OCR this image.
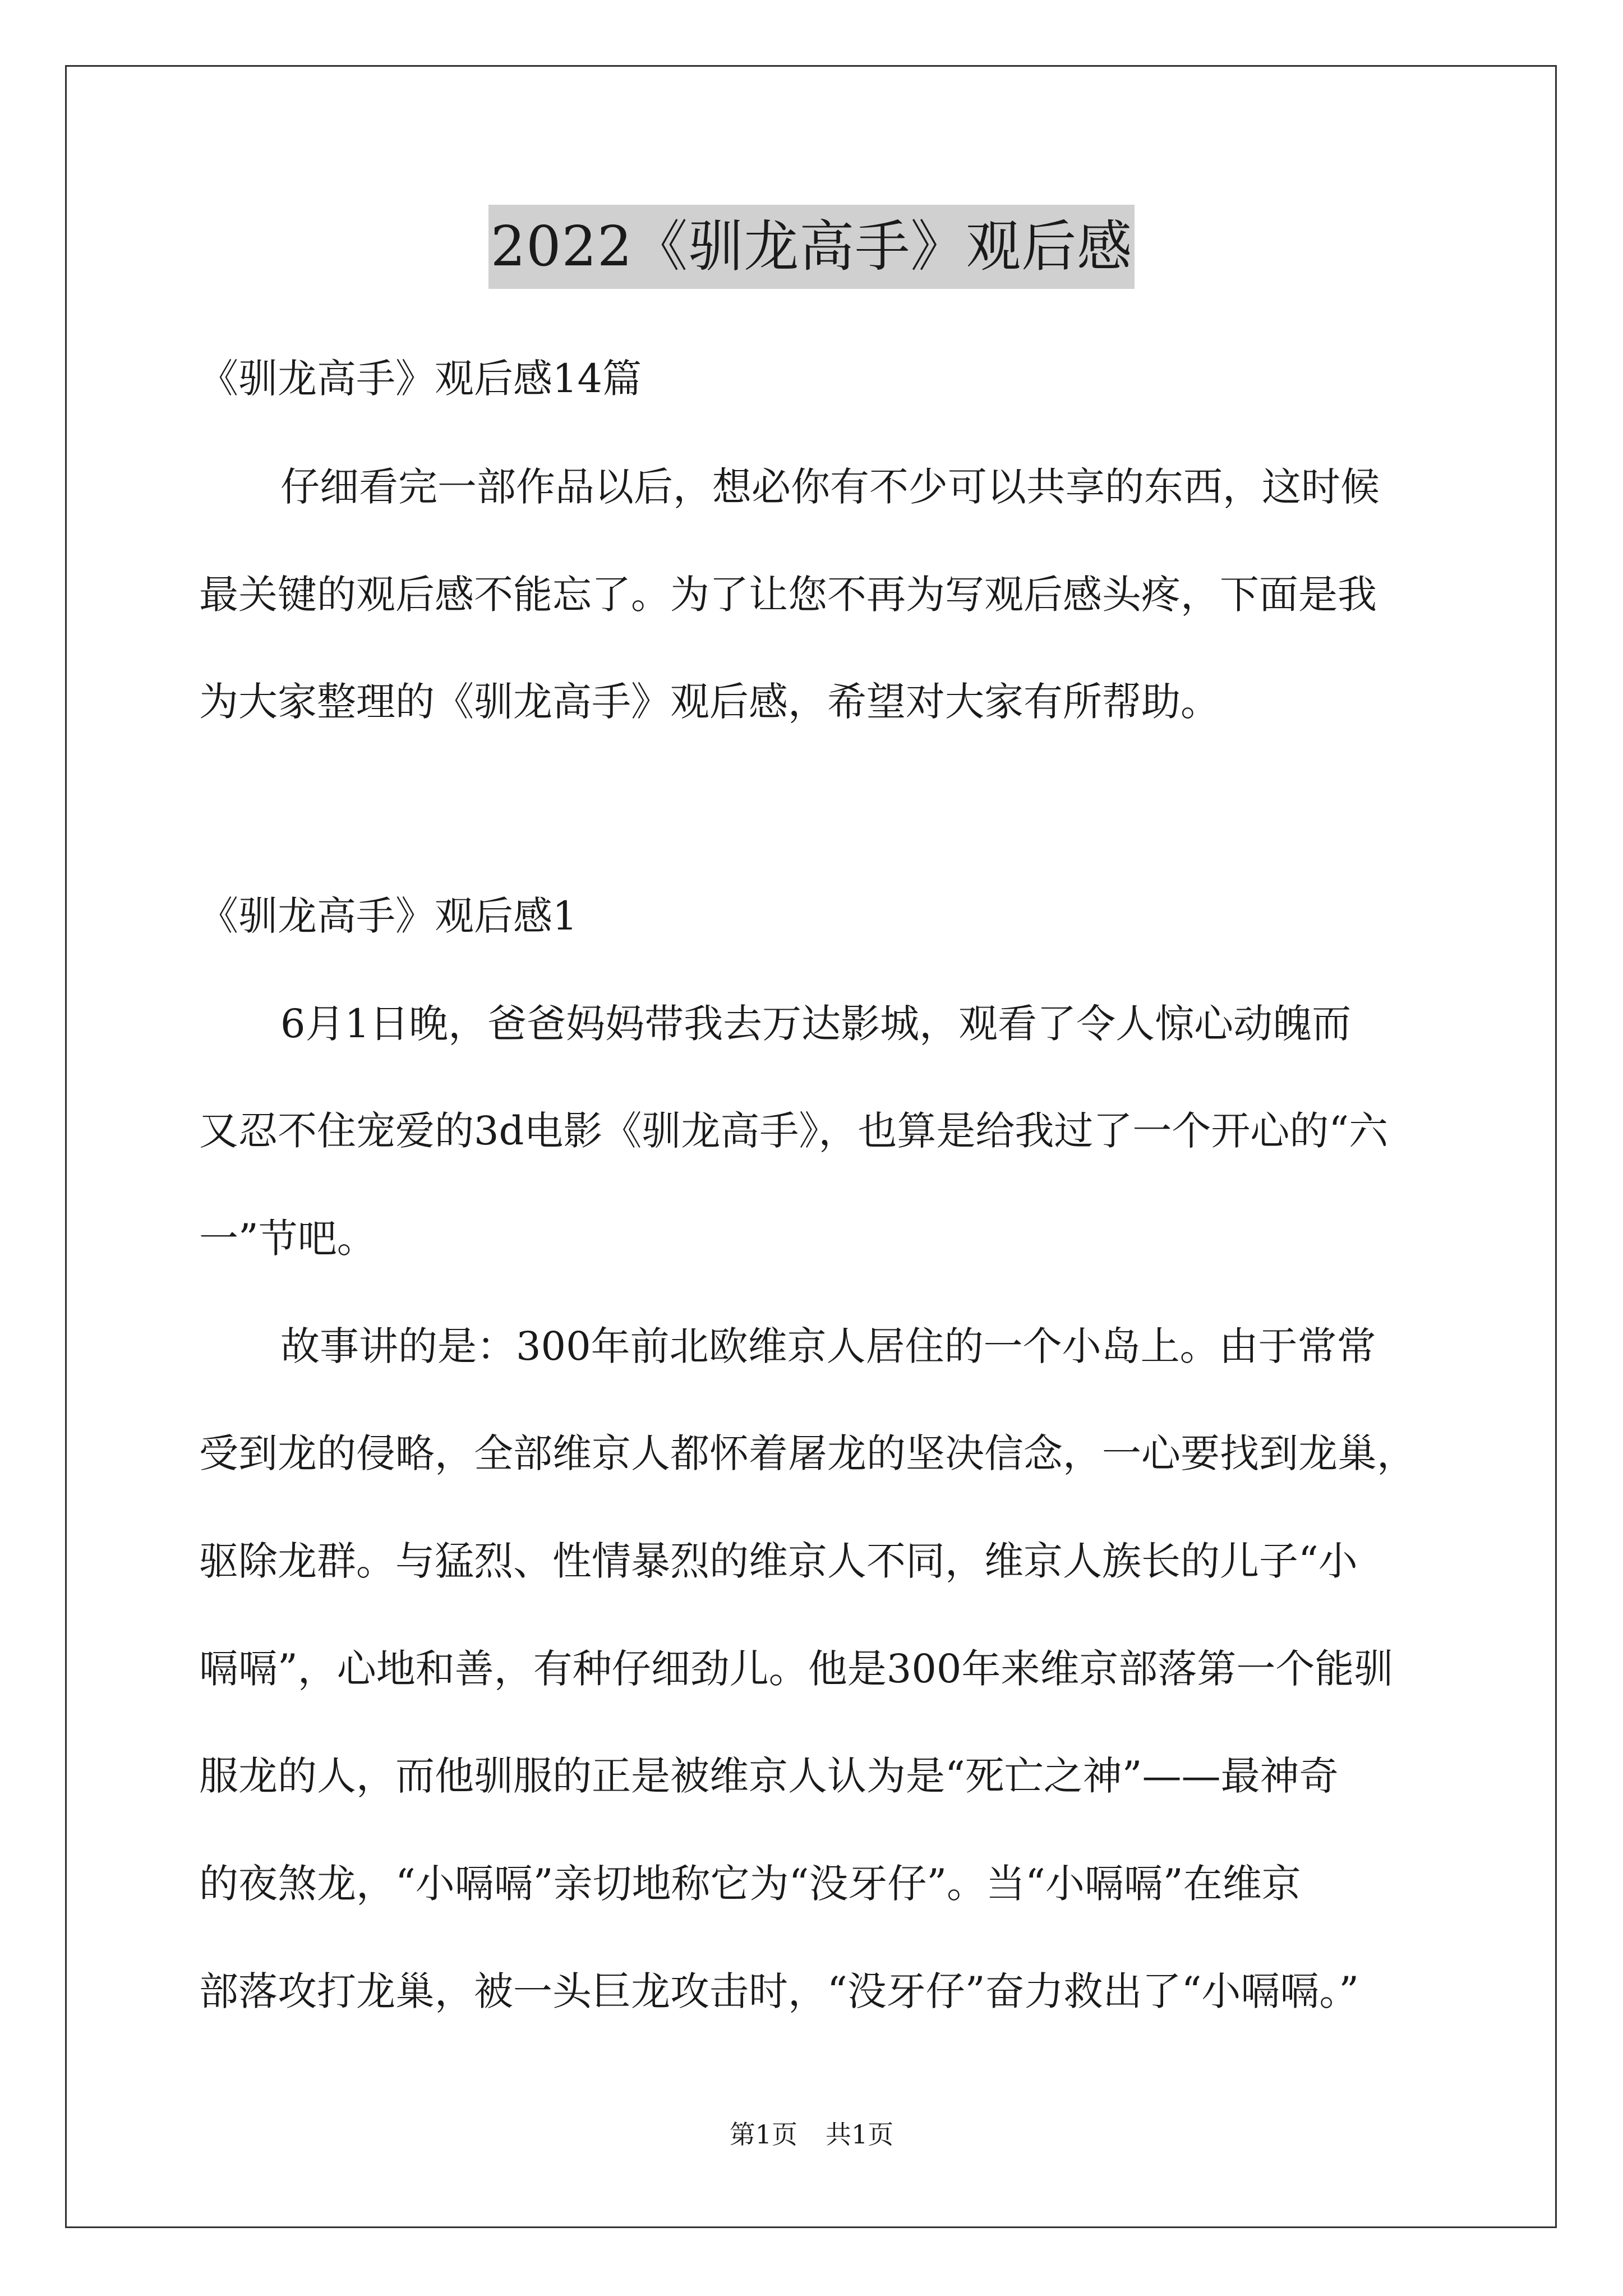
2022《驯龙高手》观后感
《驯龙高手》观后感14篇
仔细看完一部作品以后，想必你有不少可以共享的东西，这时候
最关键的观后感不能忘了。为了让您不再为写观后感头疼，下面是我
为大家整理的《驯龙高手》观后感，希望对大家有所帮助。
《驯龙高手》观后感1
6月1日晚，爸爸妈妈带我去万达影城，观看了令人惊心动魄而
又忍不住宠爱的3d电影《驯龙高手》，也算是给我过了一个开心的“六
一”节吧。
故事讲的是：300年前北欧维京人居住的一个小岛上。由于常常
受到龙的侵略，全部维京人都怀着屠龙的坚决信念，一心要找到龙巢，
驱除龙群。与猛烈、性情暴烈的维京人不同，维京人族长的儿子“小
嗝嗝”，心地和善，有种仔细劲儿。他是300年来维京部落第一个能驯
服龙的人，而他驯服的正是被维京人认为是“死亡之神”——最神奇
的夜煞龙，“小嗝嗝”亲切地称它为“没牙仔”。当“小嗝嗝”在维京
部落攻打龙巢，被一头巨龙攻击时，“没牙仔”奋力救出了“小嗝嗝。”
第1页 共1页
